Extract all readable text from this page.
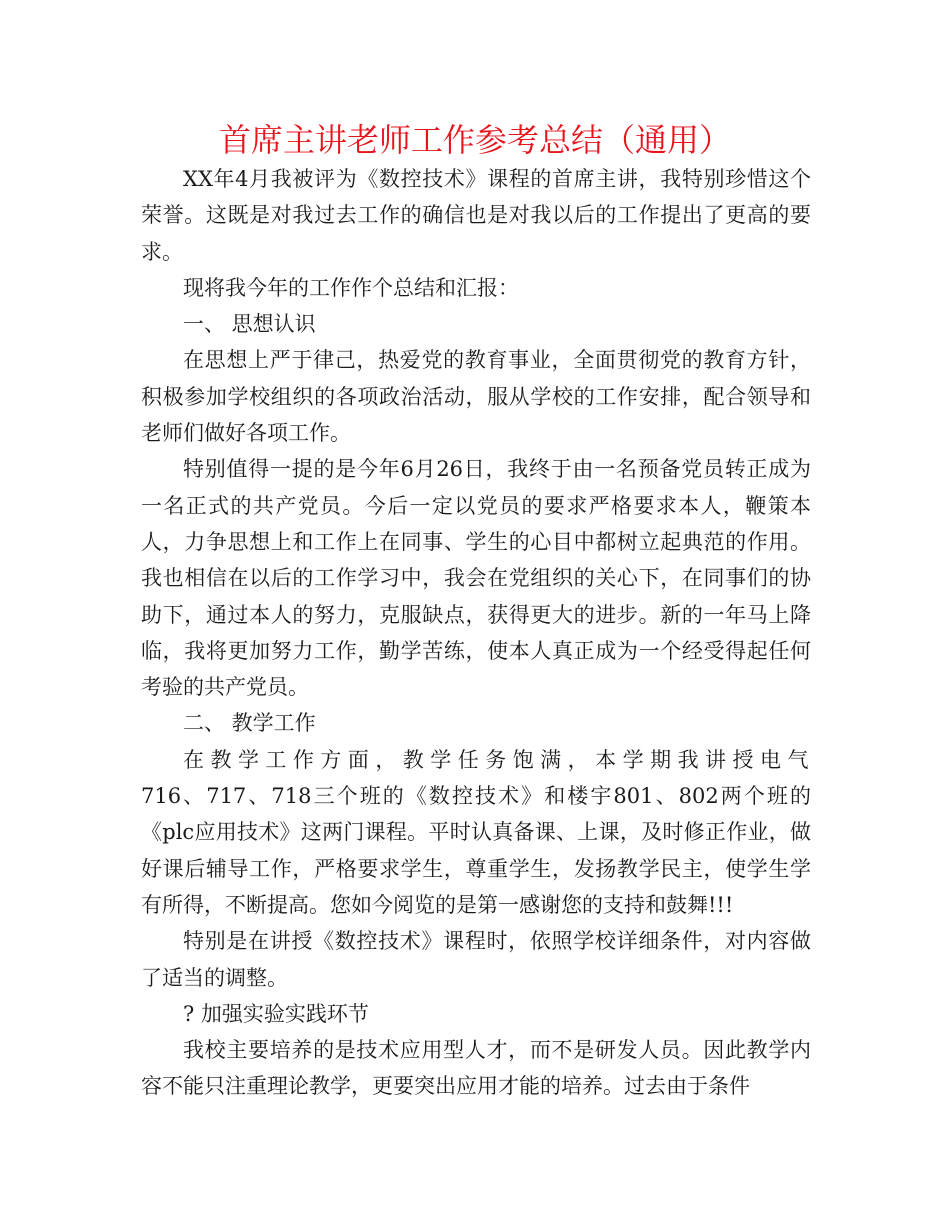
首席主讲老师工作参考总结（通用）

XX年4月我被评为《数控技术》课程的首席主讲，我特别珍惜这个荣誉。这既是对我过去工作的确信也是对我以后的工作提出了更高的要求。

现将我今年的工作作个总结和汇报：

一、 思想认识

在思想上严于律己，热爱党的教育事业，全面贯彻党的教育方针，积极参加学校组织的各项政治活动，服从学校的工作安排，配合领导和老师们做好各项工作。

特别值得一提的是今年6月26日，我终于由一名预备党员转正成为一名正式的共产党员。今后一定以党员的要求严格要求本人，鞭策本人，力争思想上和工作上在同事、学生的心目中都树立起典范的作用。我也相信在以后的工作学习中，我会在党组织的关心下，在同事们的协助下，通过本人的努力，克服缺点，获得更大的进步。新的一年马上降临，我将更加努力工作，勤学苦练，使本人真正成为一个经受得起任何考验的共产党员。

二、 教学工作

在教学工作方面，教学任务饱满，本学期我讲授电气

716、717、718三个班的《数控技术》和楼宇801、802两个班的《plc应用技术》这两门课程。平时认真备课、上课，及时修正作业，做好课后辅导工作，严格要求学生，尊重学生，发扬教学民主，使学生学有所得，不断提高。您如今阅览的是第一感谢您的支持和鼓舞!!!

特别是在讲授《数控技术》课程时，依照学校详细条件，对内容做了适当的调整。

? 加强实验实践环节

我校主要培养的是技术应用型人才，而不是研发人员。因此教学内容不能只注重理论教学，更要突出应用才能的培养。过去由于条件
